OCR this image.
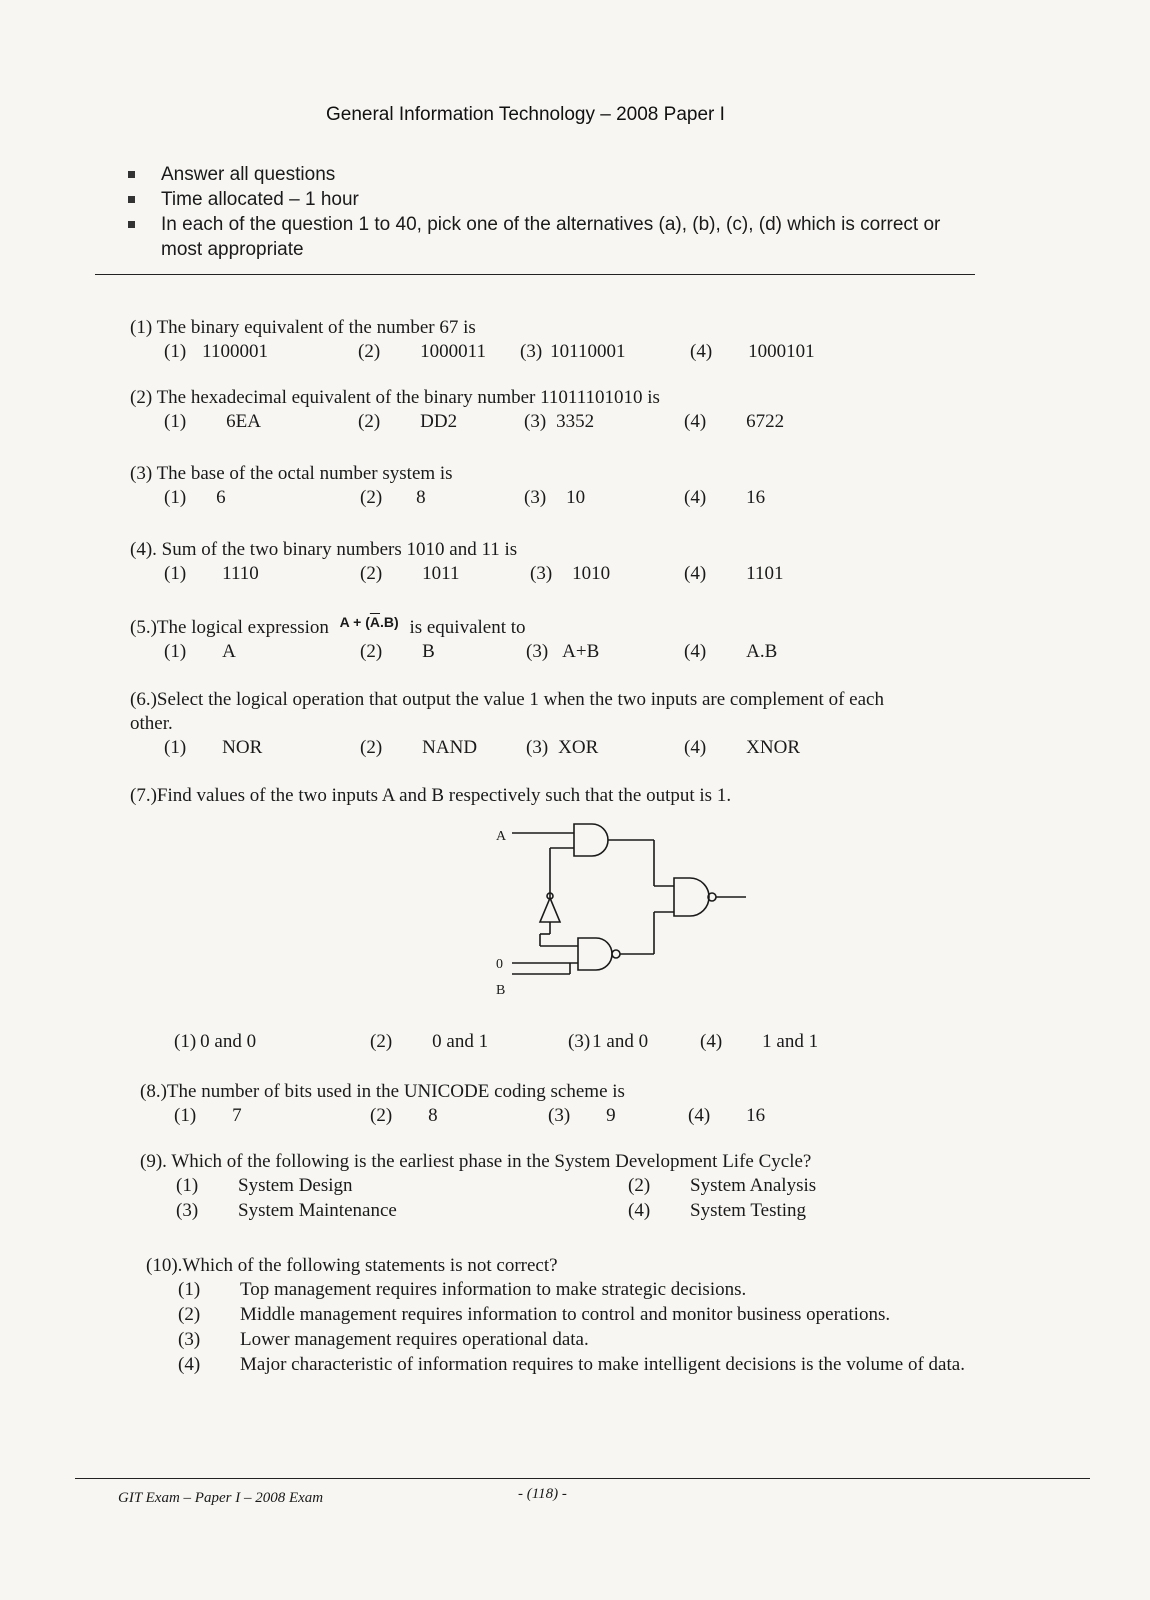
General Information Technology – 2008 Paper I
Answer all questions
Time allocated – 1 hour
In each of the question 1 to 40, pick one of the alternatives (a), (b), (c), (d) which is correct or most appropriate
(1) The binary equivalent of the number 67 is
(1) 1100001	(2) 1000011 (3) 10110001	(4) 1000101
(2) The hexadecimal equivalent of the binary number 11011101010 is
(1) 6EA	(2) DD2	(3) 3352	(4) 6722
(3) The base of the octal number system is
(1) 6	(2) 8	(3) 10	(4) 16
(4). Sum of the two binary numbers 1010 and 11 is
(1) 1110	(2) 1011	(3) 1010	(4) 1101
(5.)The logical expression $^{A + (\overline{A}.B)}$ is equivalent to
(1) A	(2) B	(3) A+B	(4) A.B
(6.)Select the logical operation that output the value 1 when the two inputs are complement of each other.
(1) NOR	(2) NAND	(3) XOR	(4) XNOR
(7.)Find values of the two inputs A and B respectively such that the output is 1.
A
0
B
(1) 0 and 0	(2) 0 and 1	(3) 1 and 0	(4) 1 and 1
(8.)The number of bits used in the UNICODE coding scheme is
(1) 7	(2) 8	(3) 9	(4) 16
(9). Which of the following is the earliest phase in the System Development Life Cycle?
(1) System Design	(2) System Analysis
(3) System Maintenance	(4) System Testing
(10).Which of the following statements is not correct?
(1) Top management requires information to make strategic decisions.
(2) Middle management requires information to control and monitor business operations.
(3) Lower management requires operational data.
(4) Major characteristic of information requires to make intelligent decisions is the volume of data.
GIT Exam – Paper I – 2008 Exam	- (118) -
